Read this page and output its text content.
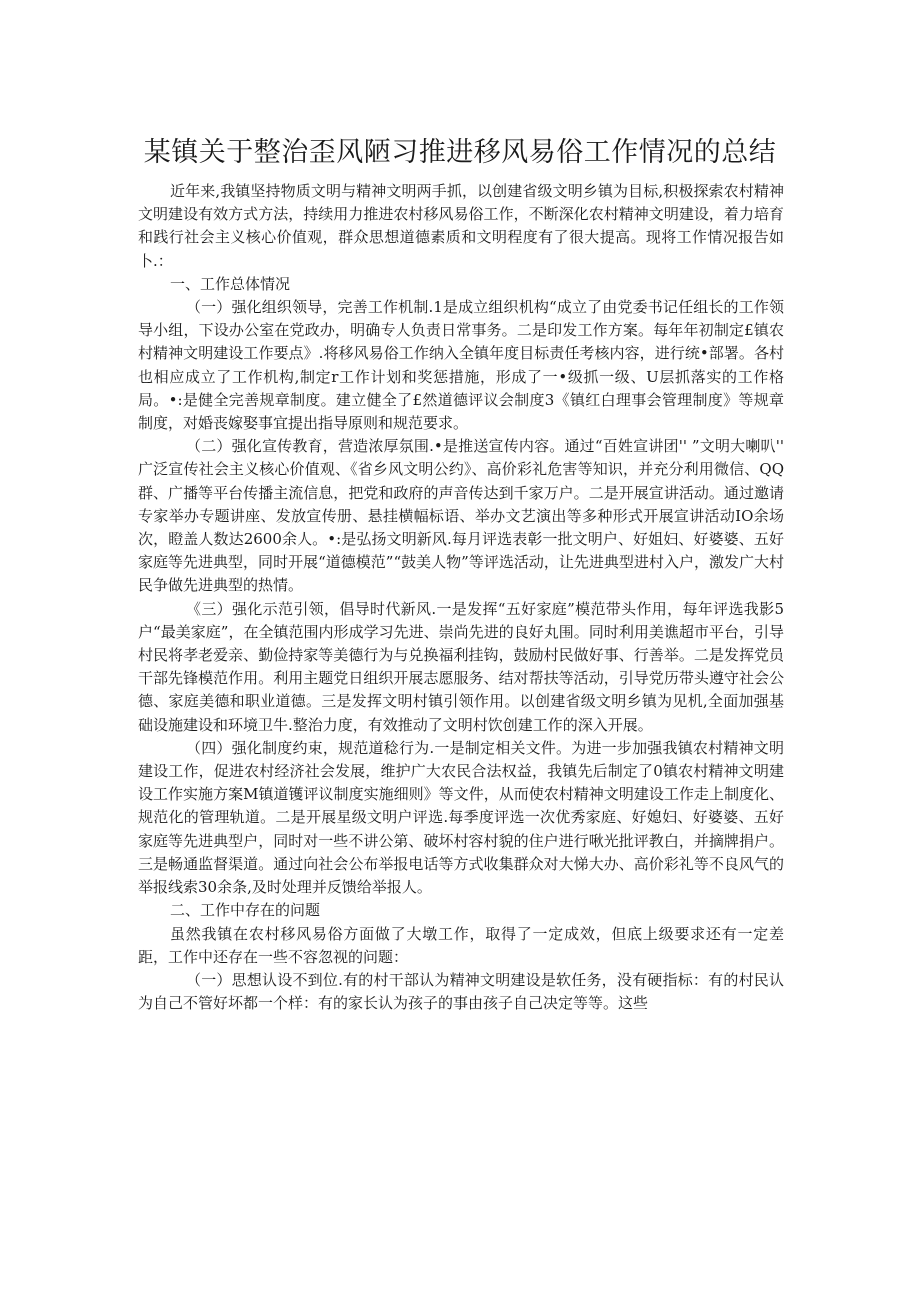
某镇关于整治歪风陋习推进移风易俗工作情况的总结

近年来,我镇坚持物质文明与精神文明两手抓，以创建省级文明乡镇为目标,积极探索农村精神文明建设有效方式方法，持续用力推进农村移风易俗工作，不断深化农村精神文明建设，着力培育和践行社会主义核心价值观，群众思想道德素质和文明程度有了很大提高。现将工作情况报告如卜.：

一、工作总体情况

（一）强化组织领导，完善工作机制.1是成立组织机构“成立了由党委书记任组长的工作领导小组，下设办公室在党政办，明确专人负责日常事务。二是印发工作方案。每年年初制定£镇农村精神文明建设工作要点》.将移风易俗工作纳入全镇年度目标责任考核内容，进行统•部署。各村也相应成立了工作机构,制定r工作计划和奖惩措施，形成了一•级抓一级、U层抓落实的工作格局。•:是健全完善规章制度。建立健全了£然道德评议会制度3《镇红白理事会管理制度》等规章制度，对婚丧嫁娶事宜提出指导原则和规范要求。

（二）强化宣传教育，营造浓厚氛围.•是推送宣传内容。通过“百姓宣讲团'' ”文明大喇叭'' 广泛宣传社会主义核心价值观、《省乡风文明公约》、高价彩礼危害等知识，并充分利用微信、QQ群、广播等平台传播主流信息，把党和政府的声音传达到千家万户。二是开展宣讲活动。通过邀请专家举办专题讲座、发放宣传册、悬挂横幅标语、举办文艺演出等多种形式开展宣讲活动IO余场次，瞪盖人数达2600余人。•:是弘扬文明新风.每月评选表彰一批文明户、好姐妇、好婆婆、五好家庭等先进典型，同时开展“道德模范”“鼓美人物”等评选活动，让先进典型进村入户，激发广大村民争做先进典型的热情。

《三）强化示范引领，倡导时代新风.一是发挥“五好家庭”模范带头作用，每年评选我影5户“最美家庭”，在全镇范围内形成学习先进、崇尚先进的良好丸围。同时利用美谯超市平台，引导村民将孝老爱亲、勤俭持家等美德行为与兑换福利挂钩，鼓励村民做好事、行善举。二是发挥党员干部先锋模范作用。利用主题党日组织开展志愿服务、结对帮扶等活动，引导党历带头遵守社会公德、家庭美德和职业道德。三是发挥文明村镇引领作用。以创建省级文明乡镇为见机,全面加强基础设施建设和环境卫牛.整治力度，有效推动了文明村饮创建工作的深入开展。

（四）强化制度约束，规范道稔行为.一是制定相关文件。为进一步加强我镇农村精神文明建设工作，促进农村经济社会发展，维护广大农民合法权益，我镇先后制定了0镇农村精神文明建设工作实施方案M镇道镬评议制度实施细则》等文件，从而使农村精神文明建设工作走上制度化、规范化的管理轨道。二是开展星级文明户评选.每季度评选一次优秀家庭、好媳妇、好婆婆、五好家庭等先进典型户，同时对一些不讲公第、破坏村容村貌的住户进行啾光批评教白，并摘牌捐户。三是畅通监督渠道。通过向社会公布举报电话等方式收集群众对大悌大办、高价彩礼等不良风气的举报线索30余条,及时处理并反馈给举报人。

二、工作中存在的问题

虽然我镇在农村移风易俗方面做了大墩工作，取得了一定成效，但底上级要求还有一定差距，工作中还存在一些不容忽视的问题：

（一）思想认设不到位.有的村干部认为精神文明建设是软任务，没有硬指标：有的村民认为自己不管好坏都一个样：有的家长认为孩子的事由孩子自己决定等等。这些
